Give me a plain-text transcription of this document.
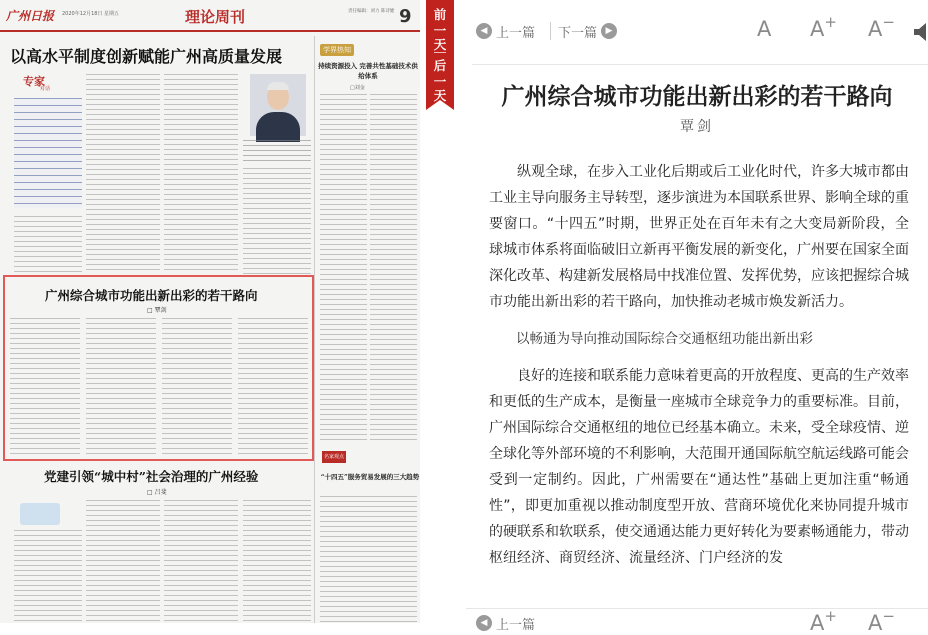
广州日报 2020年12月18日 星期五	理论周刊	责任编辑：刘力 陈诗婕 9
以高水平制度创新赋能广州高质量发展
专家
对话
学界热知
持续资源投入 完善共性基础技术供给体系
□刘金
广州综合城市功能出新出彩的若干路向
□ 覃剑
党建引领“城中村”社会治理的广州经验
□ 吕斐
名家观点
“十四五”服务贸易发展的三大趋势
前
一
天
后
一
天
◀ 上一篇 下一篇 ▶	A A+ A−
广州综合城市功能出新出彩的若干路向
覃剑

纵观全球，在步入工业化后期或后工业化时代，许多大城市都由工业主导向服务主导转型，逐步演进为本国联系世界、影响全球的重要窗口。“十四五”时期，世界正处在百年未有之大变局新阶段，全球城市体系将面临破旧立新再平衡发展的新变化，广州要在国家全面深化改革、构建新发展格局中找准位置、发挥优势，应该把握综合城市功能出新出彩的若干路向，加快推动老城市焕发新活力。

以畅通为导向推动国际综合交通枢纽功能出新出彩

良好的连接和联系能力意味着更高的开放程度、更高的生产效率和更低的生产成本，是衡量一座城市全球竞争力的重要标准。目前，广州国际综合交通枢纽的地位已经基本确立。未来，受全球疫情、逆全球化等外部环境的不利影响，大范围开通国际航空航运线路可能会受到一定制约。因此，广州需要在“通达性”基础上更加注重“畅通性”，即更加重视以推动制度型开放、营商环境优化来协同提升城市的硬联系和软联系，使交通通达能力更好转化为要素畅通能力，带动枢纽经济、商贸经济、流量经济、门户经济的发

◀ 上一篇	A+ A−
